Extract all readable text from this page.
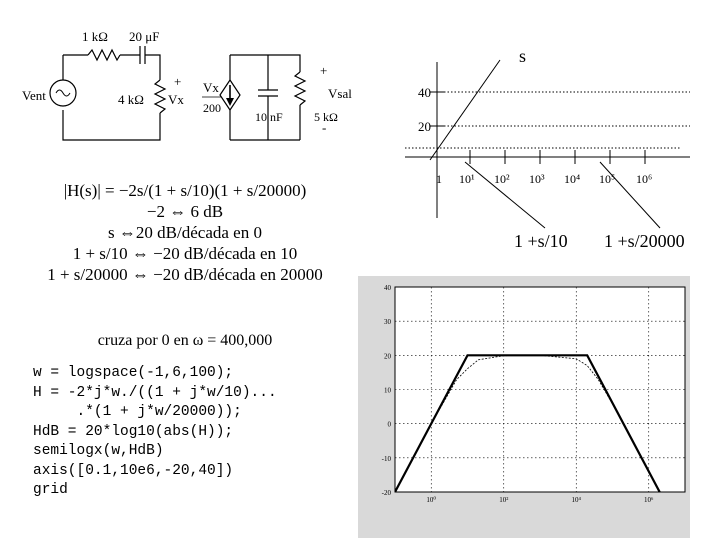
1 kΩ 20 μF
Vent	4 kΩ
+
Vx
Vx
200
10 nF	5 kΩ
+
-
Vsal
|H(s)| = −2s/(1 + s/10)(1 + s/20000)
−2 ⇔ 6 dB
s ⇔20 dB/década en 0
1 + s/10 ⇔ −20 dB/década en 10
1 + s/20000 ⇔ −20 dB/década en 20000
cruza por 0 en ω = 400,000
w = logspace(-1,6,100);
H = -2*j*w./((1 + j*w/10)...
.*(1 + j*w/20000));
HdB = 20*log10(abs(H));
semilogx(w,HdB)
axis([0.1,10e6,-20,40])
grid
s
40
20
1 10¹ 10² 10³ 10⁴ 10⁵ 10⁶
1 +s/10 1 +s/20000
-20
-10
0
10
20
30
40
10⁰	10²	10⁴	10⁶
